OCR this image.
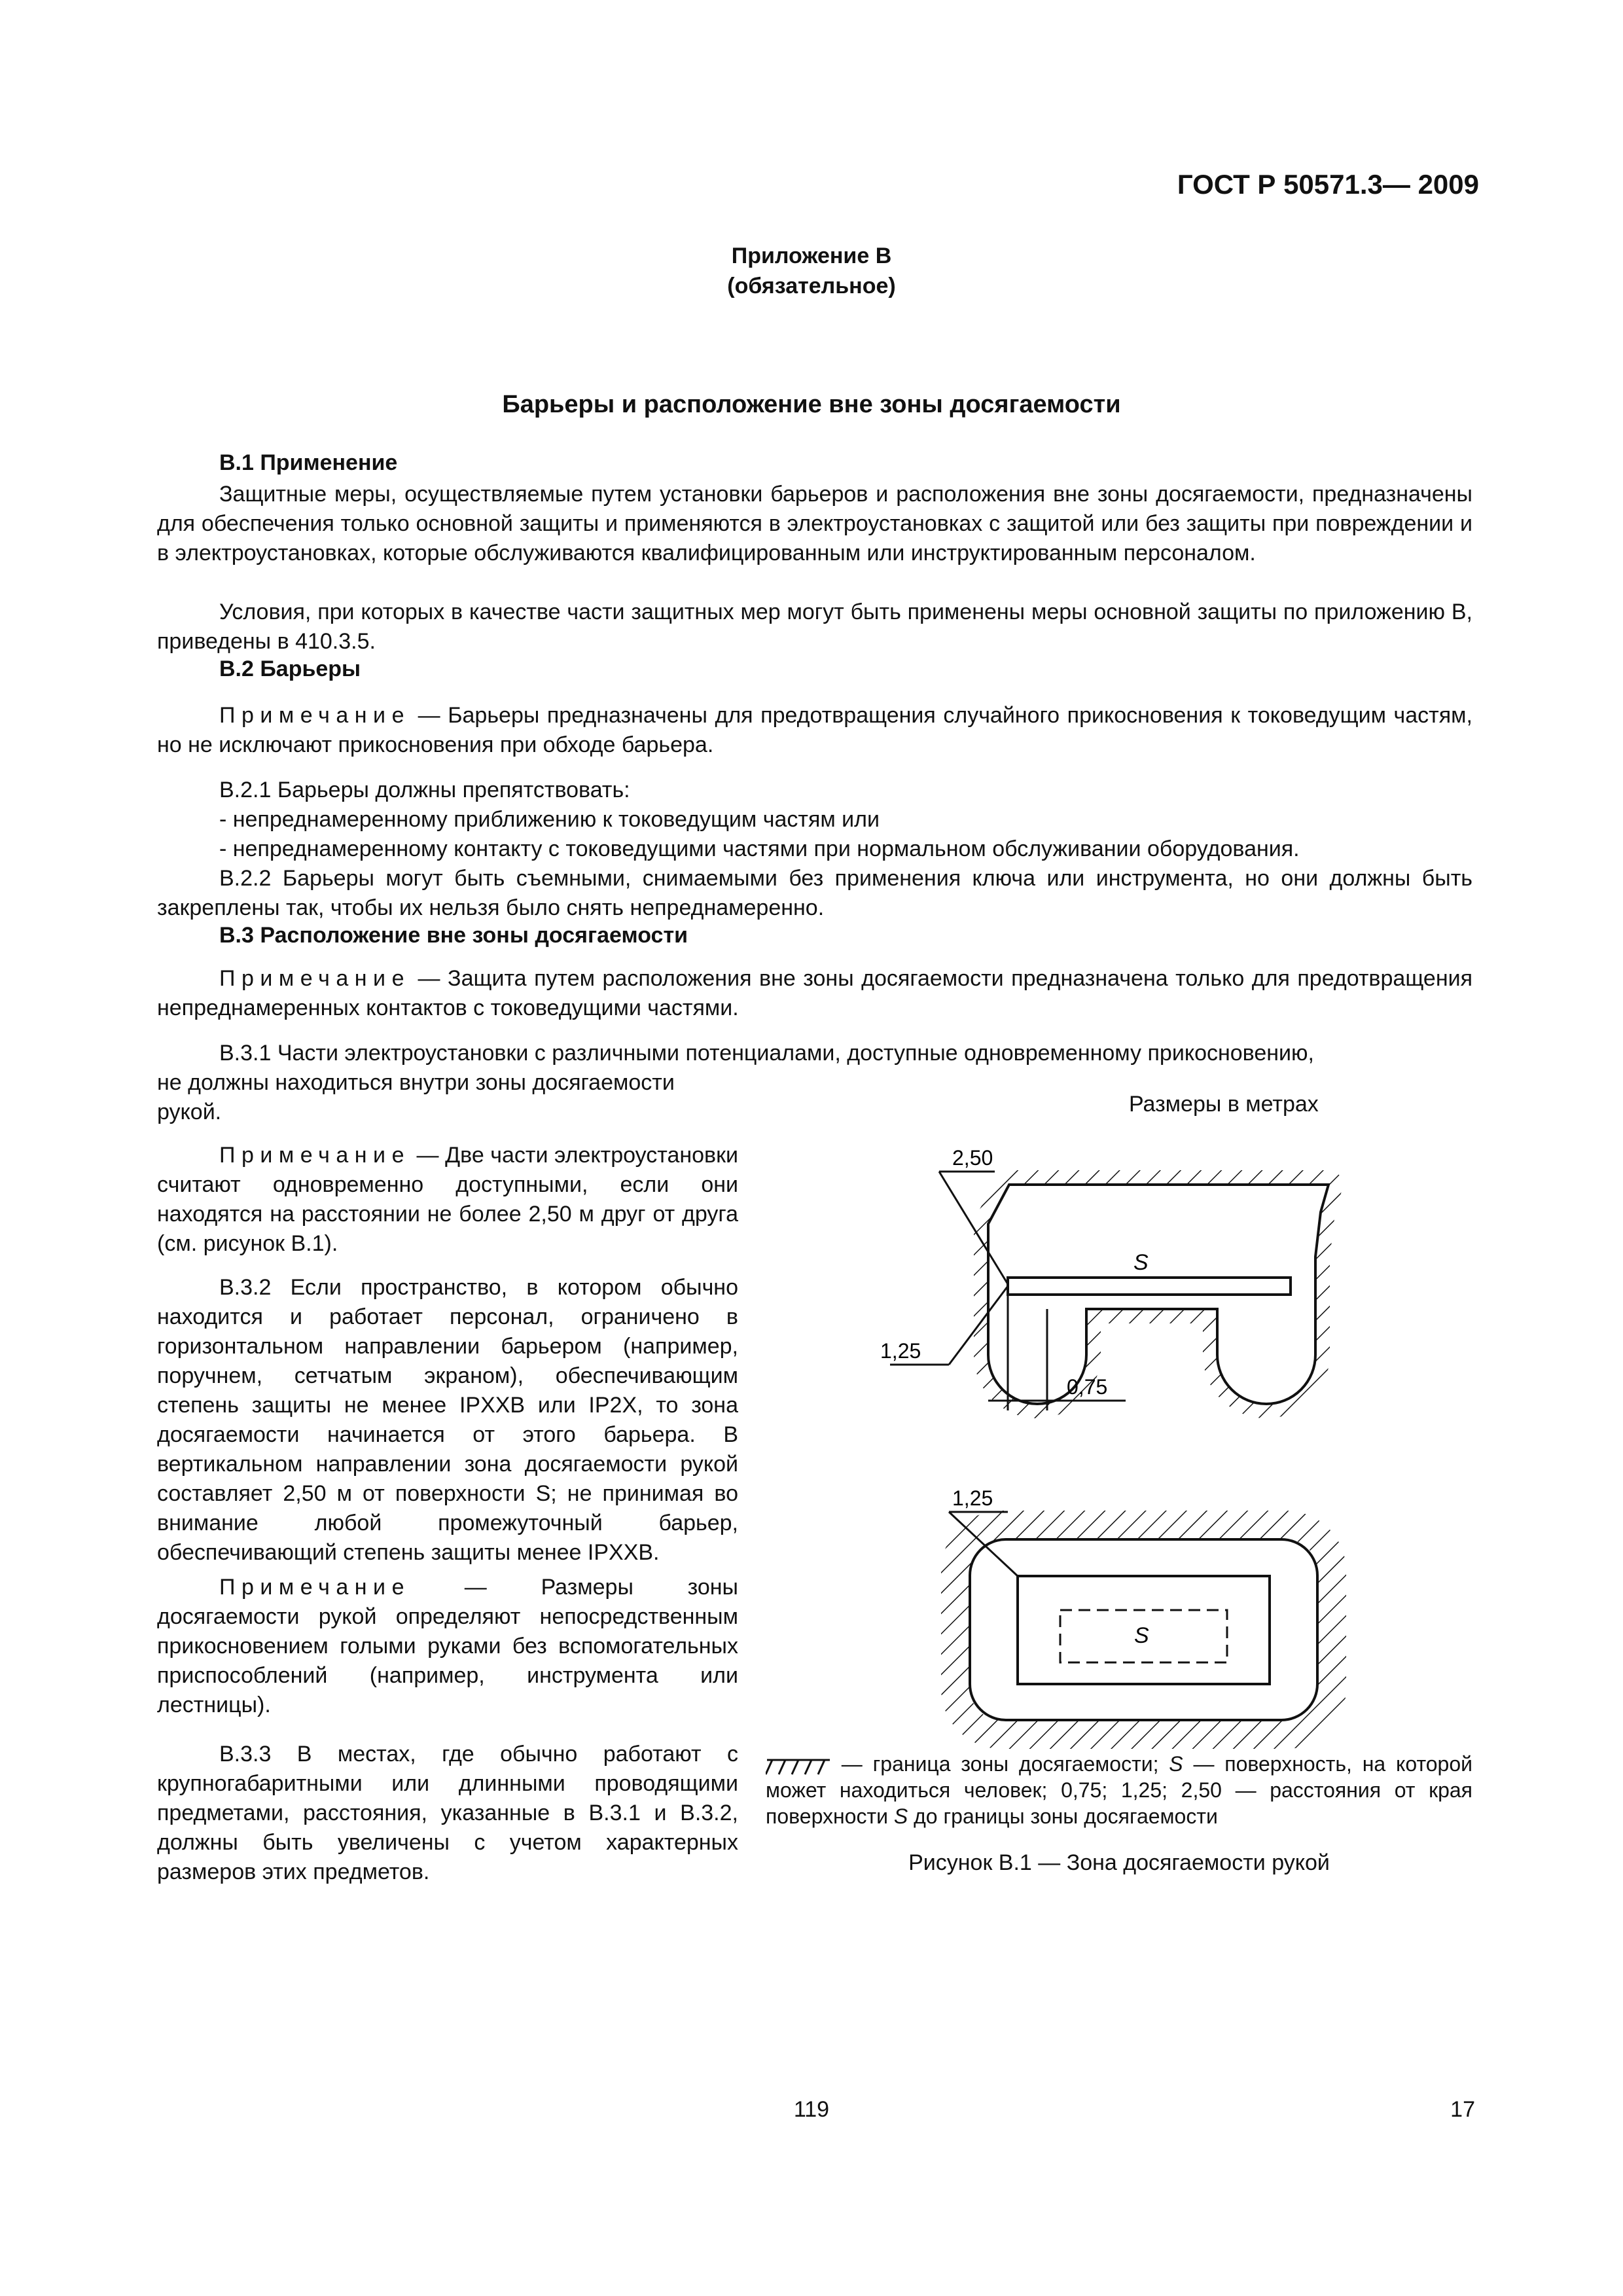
ГОСТ Р 50571.3— 2009
Приложение В
(обязательное)
Барьеры и расположение вне зоны досягаемости
В.1 Применение
Защитные меры, осуществляемые путем установки барьеров и расположения вне зоны досягаемости, предназначены для обеспечения только основной защиты и применяются в электроустановках с защитой или без защиты при повреждении и в электроустановках, которые обслуживаются квалифицированным или инструктированным персоналом.
Условия, при которых в качестве части защитных мер могут быть применены меры основной защиты по приложению В, приведены в 410.3.5.
В.2 Барьеры
Примечание — Барьеры предназначены для предотвращения случайного прикосновения к токоведущим частям, но не исключают прикосновения при обходе барьера.
В.2.1 Барьеры должны препятствовать:
- непреднамеренному приближению к токоведущим частям или
- непреднамеренному контакту с токоведущими частями при нормальном обслуживании оборудования.
В.2.2 Барьеры могут быть съемными, снимаемыми без применения ключа или инструмента, но они должны быть закреплены так, чтобы их нельзя было снять непреднамеренно.
В.3 Расположение вне зоны досягаемости
Примечание — Защита путем расположения вне зоны досягаемости предназначена только для предотвращения непреднамеренных контактов с токоведущими частями.
В.3.1 Части электроустановки с различными потенциалами, доступные одновременному прикосновению,
не должны находиться внутри зоны досягаемости
рукой.
Примечание — Две части электроустановки считают одновременно доступными, если они находятся на расстоянии не более 2,50 м друг от друга (см. рисунок В.1).
В.3.2 Если пространство, в котором обычно находится и работает персонал, ограничено в горизонтальном направлении барьером (например, поручнем, сетчатым экраном), обеспечивающим степень защиты не менее IPXXB или IP2X, то зона досягаемости начинается от этого барьера. В вертикальном направлении зона досягаемости рукой составляет 2,50 м от поверхности S; не принимая во внимание любой промежуточный барьер, обеспечивающий степень защиты менее IPXXB.
Примечание — Размеры зоны досягаемости рукой определяют непосредственным прикосновением голыми руками без вспомогательных приспособлений (например, инструмента или лестницы).
В.3.3 В местах, где обычно работают с крупногабаритными или длинными проводящими предметами, расстояния, указанные в В.3.1 и В.3.2, должны быть увеличены с учетом характерных размеров этих предметов.
Размеры в метрах
S
2,50
1,25
0,75
S
1,25
— граница зоны досягаемости; S — поверхность, на которой может находиться человек; 0,75; 1,25; 2,50 — расстояния от края поверхности S до границы зоны досягаемости
Рисунок В.1 — Зона досягаемости рукой
119	17
